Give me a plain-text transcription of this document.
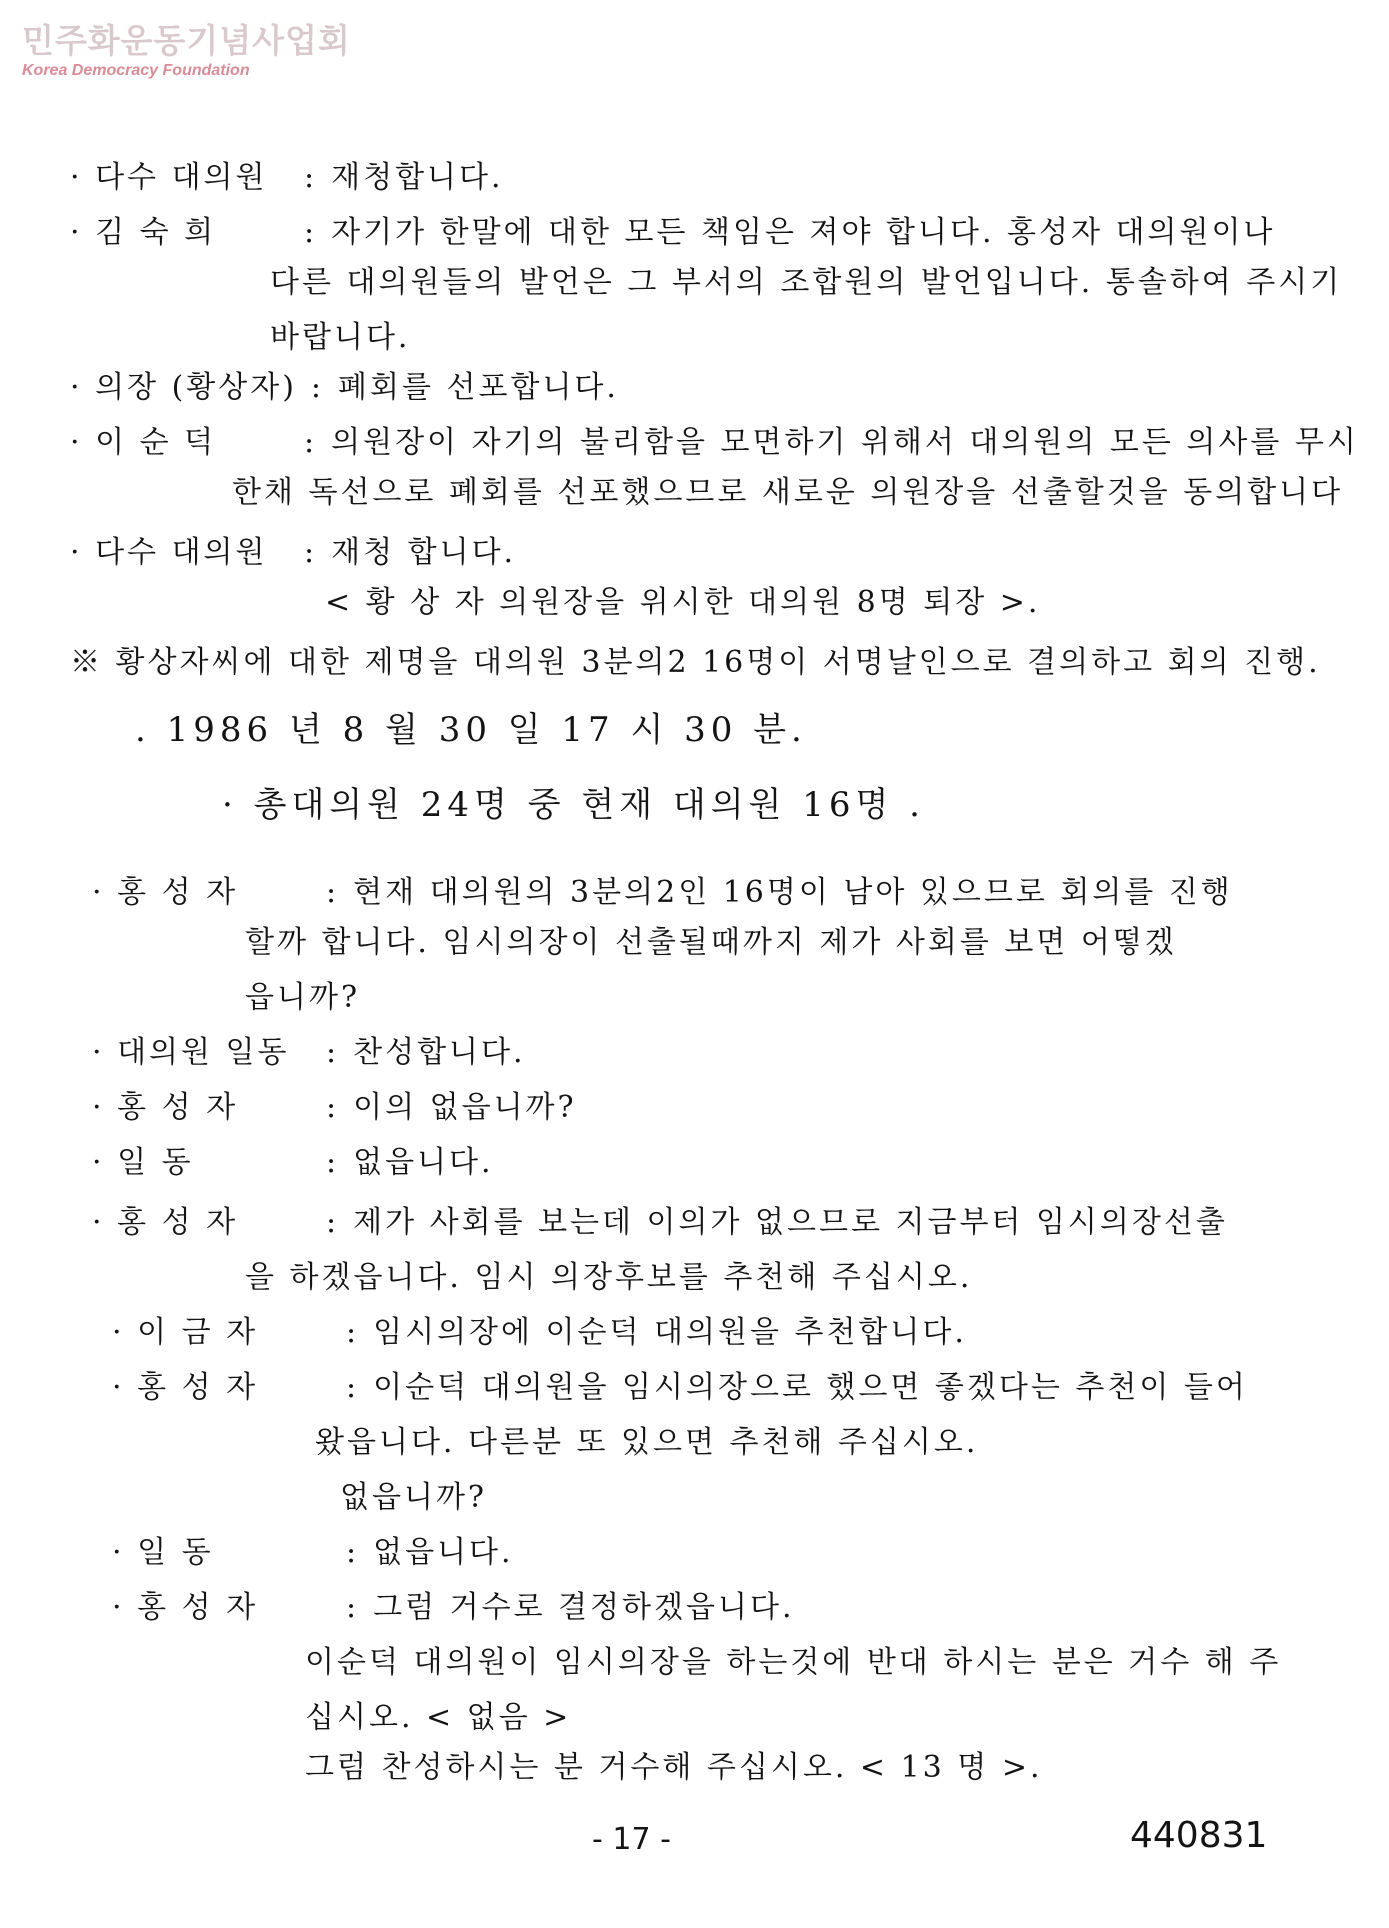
민주화운동기념사업회
Korea Democracy Foundation
· 다수 대의원 : 재청합니다.
· 김 숙 희	: 자기가 한말에 대한 모든 책임은 져야 합니다. 홍성자 대의원이나
다른 대의원들의 발언은 그 부서의 조합원의 발언입니다. 통솔하여 주시기
바랍니다.
· 의장 (황상자) : 폐회를 선포합니다.
· 이 순 덕	: 의원장이 자기의 불리함을 모면하기 위해서 대의원의 모든 의사를 무시
한채 독선으로 폐회를 선포했으므로 새로운 의원장을 선출할것을 동의합니다
· 다수 대의원 : 재청 합니다.
< 황 상 자 의원장을 위시한 대의원 8명 퇴장 >.
※ 황상자씨에 대한 제명을 대의원 3분의2 16명이 서명날인으로 결의하고 회의 진행.
. 1986 년 8 월 30 일 17 시 30 분.
· 총대의원 24명 중 현재 대의원 16명 .
· 홍 성 자	: 현재 대의원의 3분의2인 16명이 남아 있으므로 회의를 진행
할까 합니다. 임시의장이 선출될때까지 제가 사회를 보면 어떻겠
읍니까?
· 대의원 일동 : 찬성합니다.
· 홍 성 자	: 이의 없읍니까?
· 일 동	: 없읍니다.
· 홍 성 자	: 제가 사회를 보는데 이의가 없으므로 지금부터 임시의장선출
을 하겠읍니다. 임시 의장후보를 추천해 주십시오.
· 이 금 자	: 임시의장에 이순덕 대의원을 추천합니다.
· 홍 성 자	: 이순덕 대의원을 임시의장으로 했으면 좋겠다는 추천이 들어
왔읍니다. 다른분 또 있으면 추천해 주십시오.
없읍니까?
· 일 동	: 없읍니다.
· 홍 성 자	: 그럼 거수로 결정하겠읍니다.
이순덕 대의원이 임시의장을 하는것에 반대 하시는 분은 거수 해 주
십시오. < 없음 >
그럼 찬성하시는 분 거수해 주십시오. < 13 명 >.
- 17 -	440831
